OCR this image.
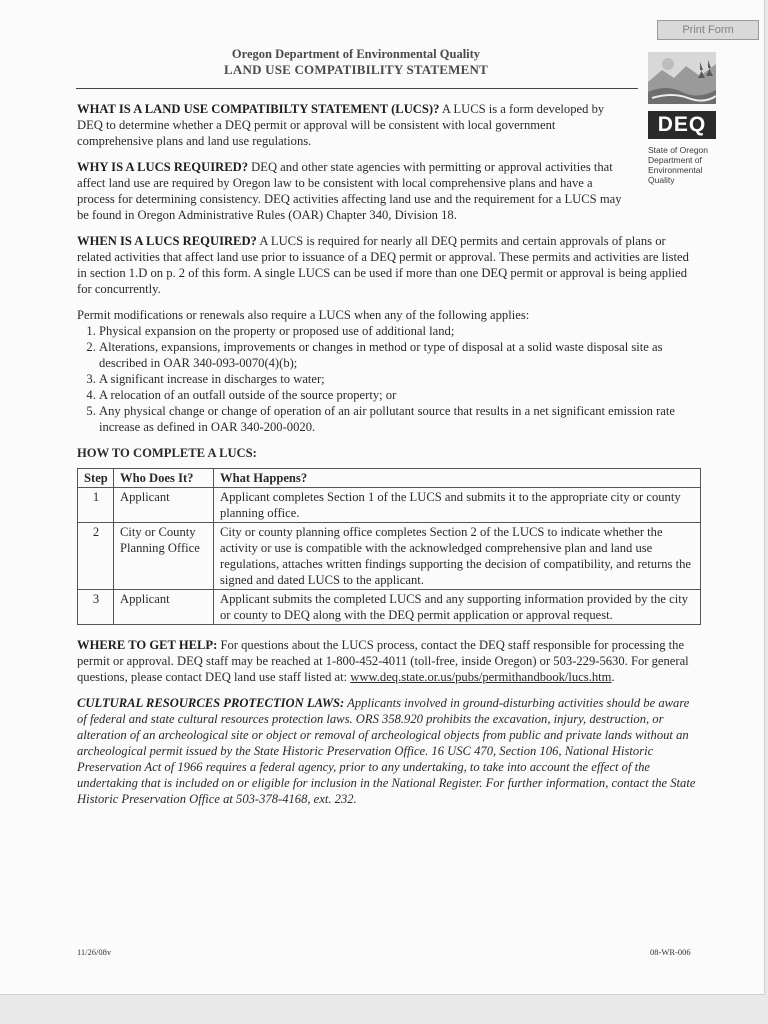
Print Form
Oregon Department of Environmental Quality
LAND USE COMPATIBILITY STATEMENT
DEQ
State of Oregon
Department of
Environmental
Quality

WHAT IS A LAND USE COMPATIBILTY STATEMENT (LUCS)? A LUCS is a form developed by DEQ to determine whether a DEQ permit or approval will be consistent with local government comprehensive plans and land use regulations.

WHY IS A LUCS REQUIRED? DEQ and other state agencies with permitting or approval activities that affect land use are required by Oregon law to be consistent with local comprehensive plans and have a process for determining consistency. DEQ activities affecting land use and the requirement for a LUCS may be found in Oregon Administrative Rules (OAR) Chapter 340, Division 18.

WHEN IS A LUCS REQUIRED? A LUCS is required for nearly all DEQ permits and certain approvals of plans or related activities that affect land use prior to issuance of a DEQ permit or approval. These permits and activities are listed in section 1.D on p. 2 of this form. A single LUCS can be used if more than one DEQ permit or approval is being applied for concurrently.

Permit modifications or renewals also require a LUCS when any of the following applies:
1. Physical expansion on the property or proposed use of additional land;
2. Alterations, expansions, improvements or changes in method or type of disposal at a solid waste disposal site as described in OAR 340-093-0070(4)(b);
3. A significant increase in discharges to water;
4. A relocation of an outfall outside of the source property; or
5. Any physical change or change of operation of an air pollutant source that results in a net significant emission rate increase as defined in OAR 340-200-0020.
HOW TO COMPLETE A LUCS:
Step	Who Does It?	What Happens?
1	Applicant	Applicant completes Section 1 of the LUCS and submits it to the appropriate city or county planning office.
2	City or County Planning Office	City or county planning office completes Section 2 of the LUCS to indicate whether the activity or use is compatible with the acknowledged comprehensive plan and land use regulations, attaches written findings supporting the decision of compatibility, and returns the signed and dated LUCS to the applicant.
3	Applicant	Applicant submits the completed LUCS and any supporting information provided by the city or county to DEQ along with the DEQ permit application or approval request.

WHERE TO GET HELP: For questions about the LUCS process, contact the DEQ staff responsible for processing the permit or approval. DEQ staff may be reached at 1-800-452-4011 (toll-free, inside Oregon) or 503-229-5630. For general questions, please contact DEQ land use staff listed at: www.deq.state.or.us/pubs/permithandbook/lucs.htm.

CULTURAL RESOURCES PROTECTION LAWS: Applicants involved in ground-disturbing activities should be aware of federal and state cultural resources protection laws. ORS 358.920 prohibits the excavation, injury, destruction, or alteration of an archeological site or object or removal of archeological objects from public and private lands without an archeological permit issued by the State Historic Preservation Office. 16 USC 470, Section 106, National Historic Preservation Act of 1966 requires a federal agency, prior to any undertaking, to take into account the effect of the undertaking that is included on or eligible for inclusion in the National Register. For further information, contact the State Historic Preservation Office at 503-378-4168, ext. 232.

11/26/08v	08-WR-006
